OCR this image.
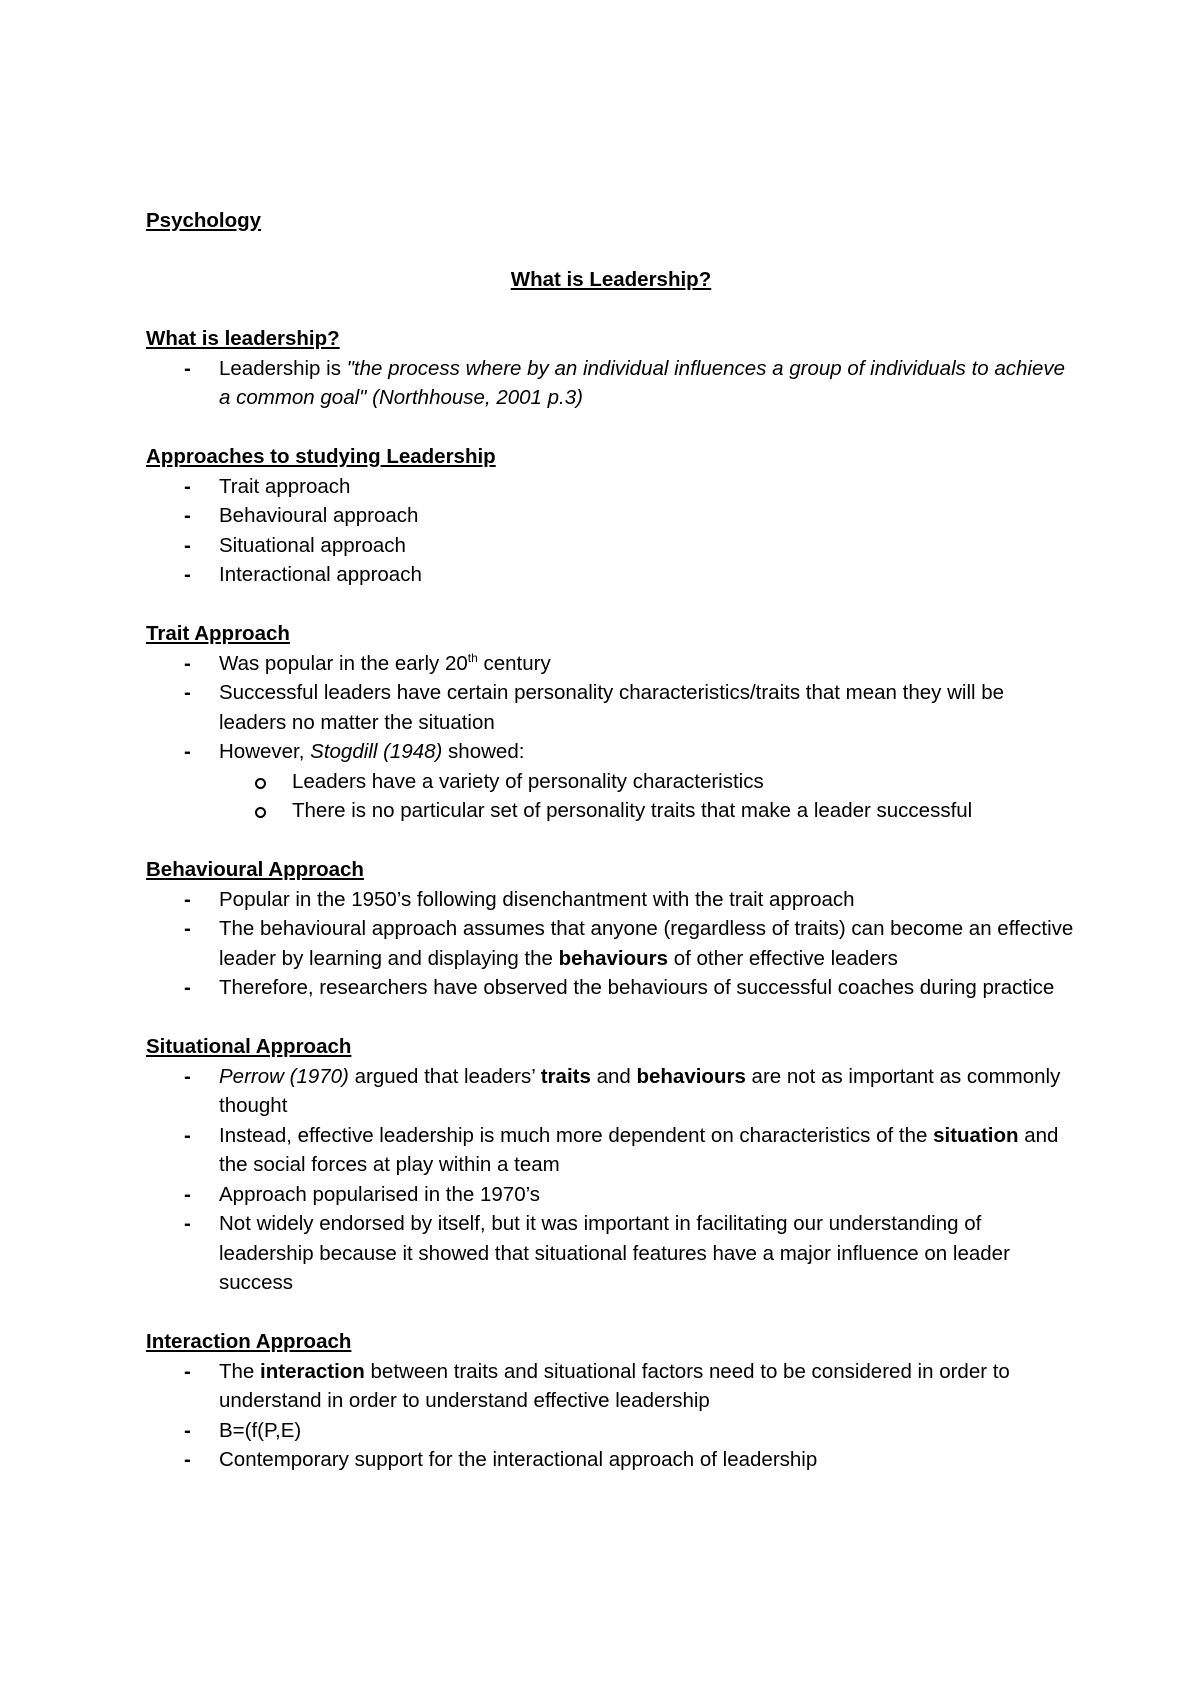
Psychology

What is Leadership?

What is leadership?

- Leadership is "the process where by an individual influences a group of individuals to achieve a common goal" (Northhouse, 2001 p.3)

Approaches to studying Leadership

- Trait approach
- Behavioural approach
- Situational approach
- Interactional approach

Trait Approach

- Was popular in the early 20th century
- Successful leaders have certain personality characteristics/traits that mean they will be leaders no matter the situation
- However, Stogdill (1948) showed:
Leaders have a variety of personality characteristics
There is no particular set of personality traits that make a leader successful

Behavioural Approach

- Popular in the 1950’s following disenchantment with the trait approach
- The behavioural approach assumes that anyone (regardless of traits) can become an effective leader by learning and displaying the behaviours of other effective leaders
- Therefore, researchers have observed the behaviours of successful coaches during practice

Situational Approach

- Perrow (1970) argued that leaders’ traits and behaviours are not as important as commonly thought
- Instead, effective leadership is much more dependent on characteristics of the situation and the social forces at play within a team
- Approach popularised in the 1970’s
- Not widely endorsed by itself, but it was important in facilitating our understanding of leadership because it showed that situational features have a major influence on leader success

Interaction Approach

- The interaction between traits and situational factors need to be considered in order to understand in order to understand effective leadership
- B=(f(P,E)
- Contemporary support for the interactional approach of leadership
